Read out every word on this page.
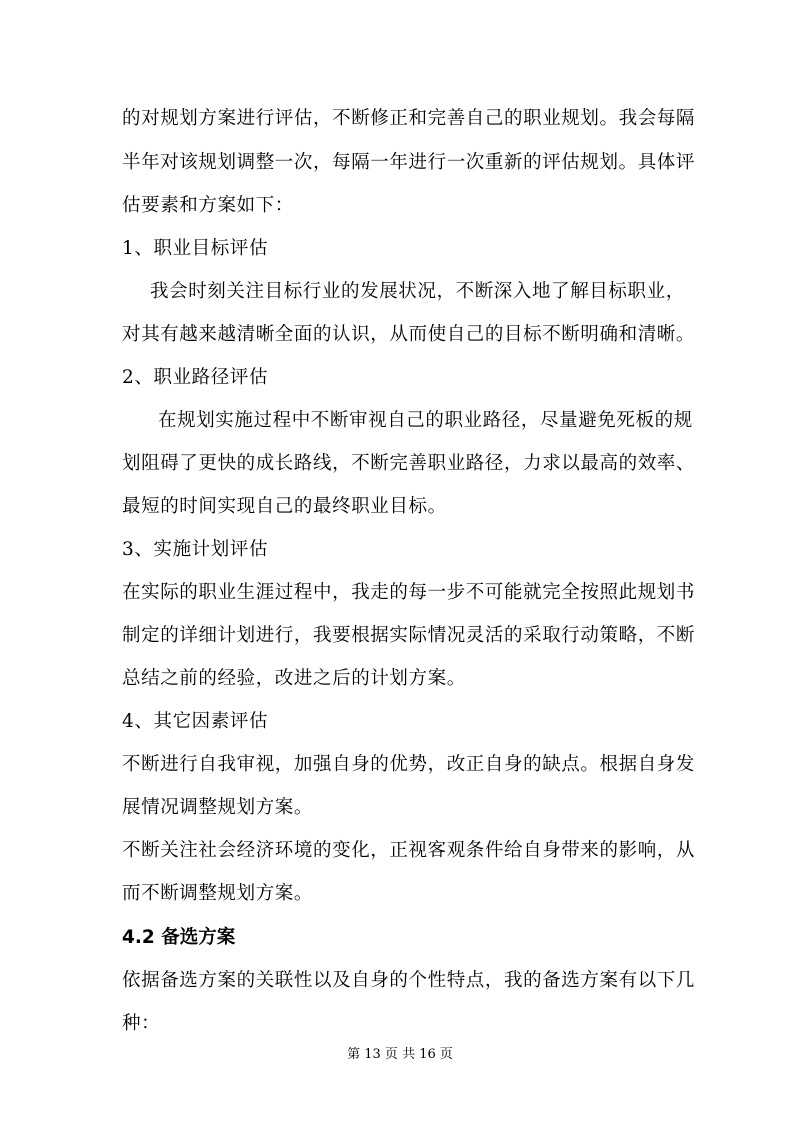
的对规划方案进行评估，不断修正和完善自己的职业规划。我会每隔
半年对该规划调整一次，每隔一年进行一次重新的评估规划。具体评
估要素和方案如下：
1、职业目标评估
我会时刻关注目标行业的发展状况，不断深入地了解目标职业，
对其有越来越清晰全面的认识，从而使自己的目标不断明确和清晰。
2、职业路径评估
在规划实施过程中不断审视自己的职业路径，尽量避免死板的规
划阻碍了更快的成长路线，不断完善职业路径，力求以最高的效率、
最短的时间实现自己的最终职业目标。
3、实施计划评估
在实际的职业生涯过程中，我走的每一步不可能就完全按照此规划书
制定的详细计划进行，我要根据实际情况灵活的采取行动策略，不断
总结之前的经验，改进之后的计划方案。
4、其它因素评估
不断进行自我审视，加强自身的优势，改正自身的缺点。根据自身发
展情况调整规划方案。
不断关注社会经济环境的变化，正视客观条件给自身带来的影响，从
而不断调整规划方案。
4.2 备选方案
依据备选方案的关联性以及自身的个性特点，我的备选方案有以下几
种：
第 13 页 共 16 页
